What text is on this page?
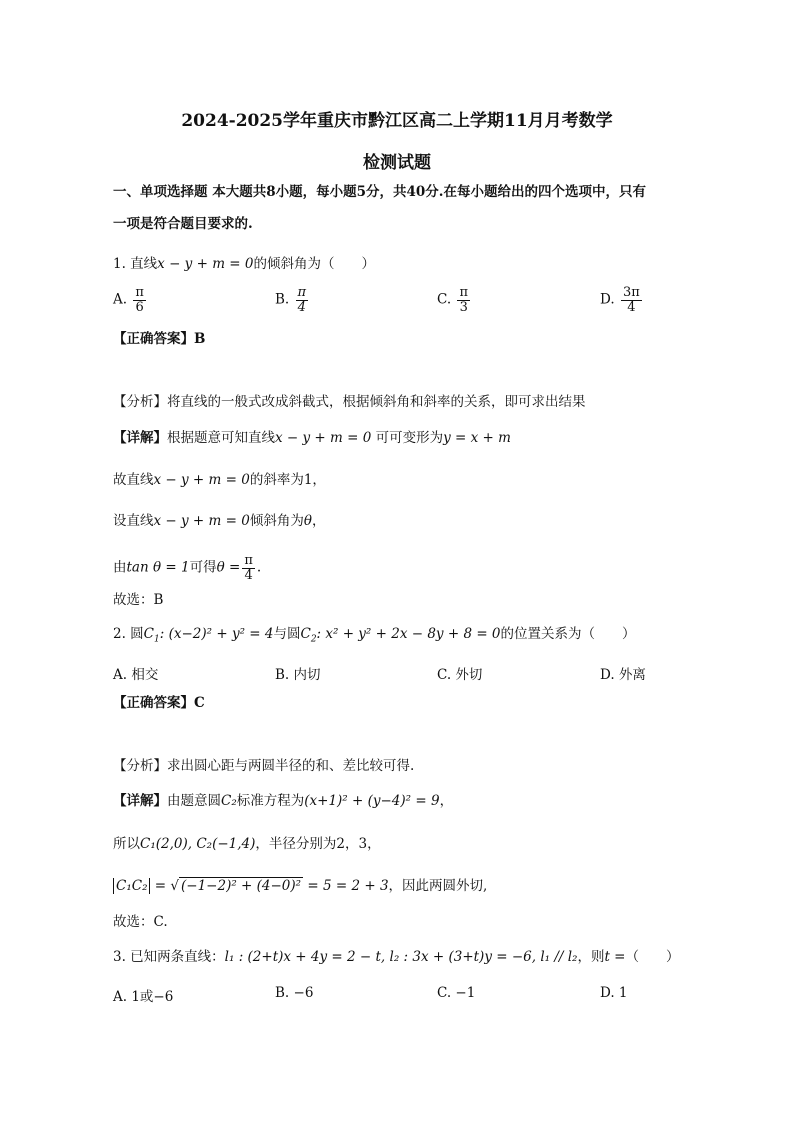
2024-2025学年重庆市黔江区高二上学期11月月考数学
检测试题
一、单项选择题 本大题共8小题，每小题5分，共40分.在每小题给出的四个选项中，只有
一项是符合题目要求的.
1. 直线x − y + m = 0的倾斜角为（　　）
A. $\frac{\pi}{6}$	B. $\frac{\pi}{4}$	C. $\frac{\pi}{3}$	D. $\frac{3\pi}{4}$
【正确答案】B
【分析】将直线的一般式改成斜截式，根据倾斜角和斜率的关系，即可求出结果
【详解】根据题意可知直线x − y + m = 0 可可变形为y = x + m
故直线x − y + m = 0的斜率为1，
设直线x − y + m = 0倾斜角为θ，
由tan θ = 1可得$\theta = \frac{\pi}{4}$ .
故选：B
2. 圆$C_1$: (x−2)² + y² = 4与圆$C_2$: x² + y² + 2x − 8y + 8 = 0的位置关系为（　　）
A. 相交	B. 内切	C. 外切	D. 外离
【正确答案】C
【分析】求出圆心距与两圆半径的和、差比较可得.
【详解】由题意圆C₂标准方程为(x+1)² + (y−4)² = 9，
所以C₁(2,0), C₂(−1,4)，半径分别为2，3，
C₁C₂ = √ (−1−2)² + (4−0)² = 5 = 2 + 3，因此两圆外切,
故选：C.
3. 已知两条直线：l₁ : (2+t)x + 4y = 2 − t, l₂ : 3x + (3+t)y = −6, l₁ // l₂，则t =（　　）
A. 1或−6	B. −6	C. −1	D. 1
